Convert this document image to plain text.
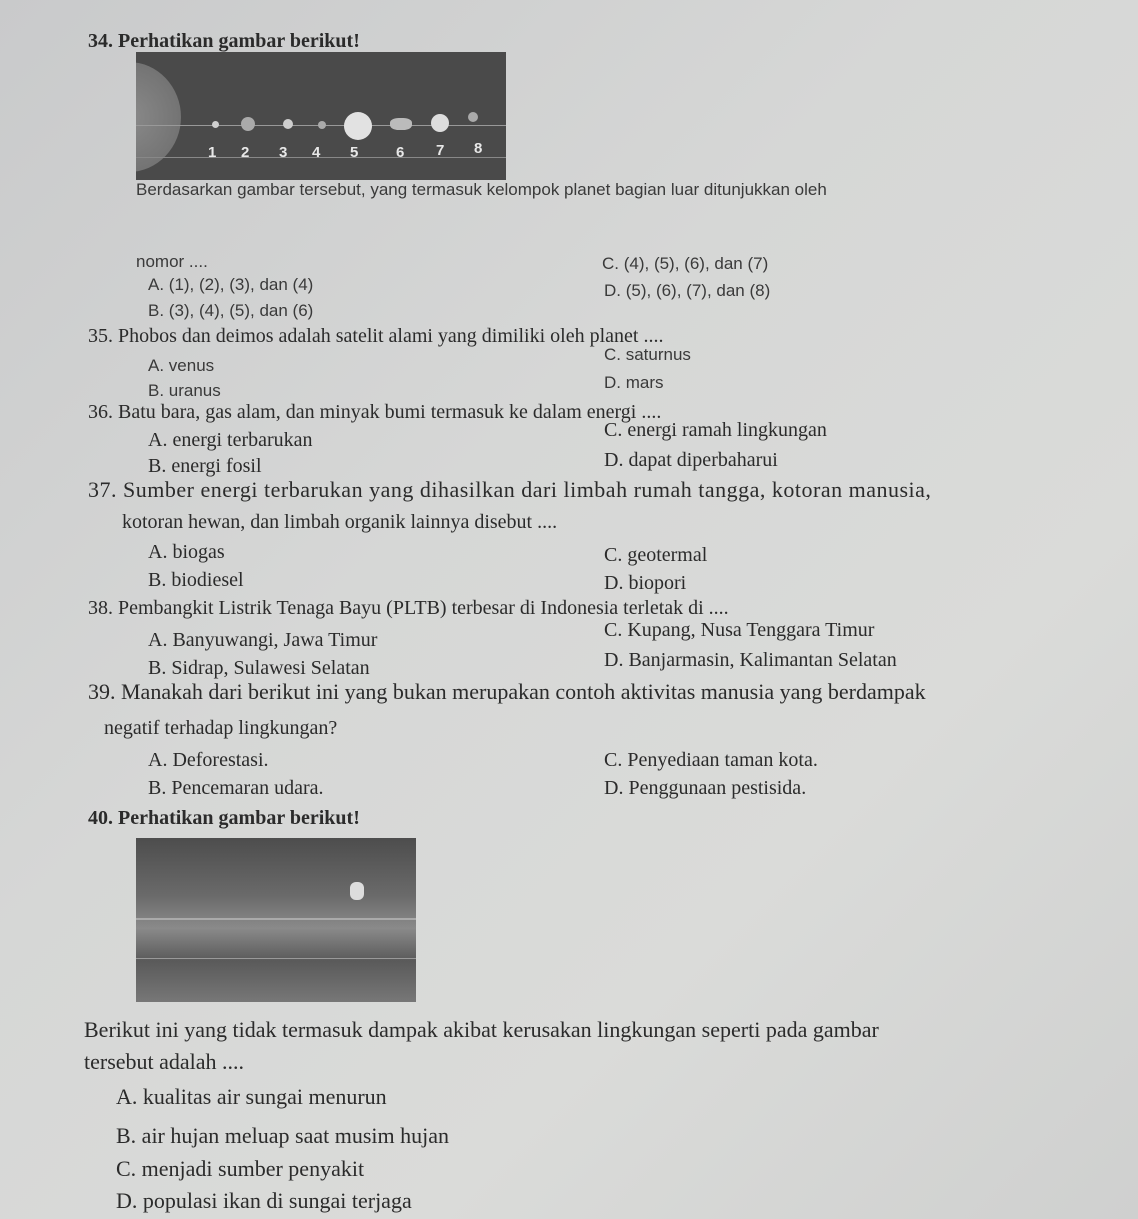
34. Perhatikan gambar berikut!
1 2 3 4 5	6 7 8
Berdasarkan gambar tersebut, yang termasuk kelompok planet bagian luar ditunjukkan oleh
nomor ....
A. (1), (2), (3), dan (4)
B. (3), (4), (5), dan (6)
C. (4), (5), (6), dan (7)
D. (5), (6), (7), dan (8)
35. Phobos dan deimos adalah satelit alami yang dimiliki oleh planet ....
A. venus
B. uranus
C. saturnus
D. mars
36. Batu bara, gas alam, dan minyak bumi termasuk ke dalam energi ....
A. energi terbarukan
B. energi fosil
C. energi ramah lingkungan
D. dapat diperbaharui
37. Sumber energi terbarukan yang dihasilkan dari limbah rumah tangga, kotoran manusia,
kotoran hewan, dan limbah organik lainnya disebut ....
A. biogas
B. biodiesel
C. geotermal
D. biopori
38. Pembangkit Listrik Tenaga Bayu (PLTB) terbesar di Indonesia terletak di ....
A. Banyuwangi, Jawa Timur
B. Sidrap, Sulawesi Selatan
C. Kupang, Nusa Tenggara Timur
D. Banjarmasin, Kalimantan Selatan
39. Manakah dari berikut ini yang bukan merupakan contoh aktivitas manusia yang berdampak
negatif terhadap lingkungan?
A. Deforestasi.
B. Pencemaran udara.
C. Penyediaan taman kota.
D. Penggunaan pestisida.
40. Perhatikan gambar berikut!
Berikut ini yang tidak termasuk dampak akibat kerusakan lingkungan seperti pada gambar
tersebut adalah ....
A. kualitas air sungai menurun
B. air hujan meluap saat musim hujan
C. menjadi sumber penyakit
D. populasi ikan di sungai terjaga
